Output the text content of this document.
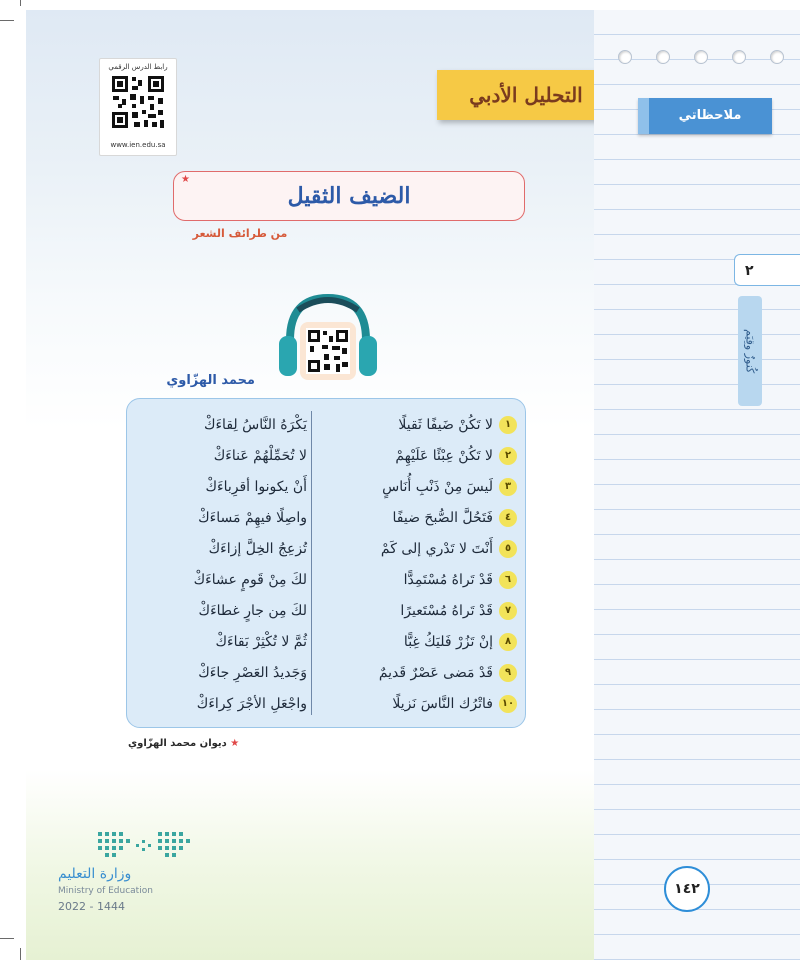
رابط الدرس الرقمي
www.ien.edu.sa
التحليل الأدبي
الضيف الثقيل
★
من طرائف الشعر
محمد الهزّاوي
١
لا تَكُنْ ضَيفًا ثَقيلًا
يَكْرَهُ النَّاسُ لِقاءَكْ
٢
لا تَكُنْ عِبْئًا عَلَيْهِمْ
لا تُحَمِّلْهُمْ عَناءَكْ
٣
لَيسَ مِنْ ذَنْبِ أُنَاسٍ
أَنْ يكونوا أقرِباءَكْ
٤
فَتَحُلَّ الصُّبحَ ضيفًا
واصِلًا فيهِمْ مَساءَكْ
٥
أَنْتَ لا تَدْري إلى كَمْ
تُزعِجُ الخِلَّ إزاءَكْ
٦
قَدْ تَراهُ مُسْتَمِدًّا
لكَ مِنْ قَومٍ عشاءَكْ
٧
قَدْ تَراهُ مُسْتَعيرًا
لكَ مِن جارٍ غطاءَكْ
٨
إنْ تَزُرْ فَليَكُ غِبًّا
ثُمَّ لا تُكْثِرْ بَقاءَكْ
٩
قَدْ مَضى عَصْرٌ قَديمٌ
وَجَديدُ العَصْرِ جاءَكْ
١٠
فاتْرُك النَّاسَ نَزيلًا
واجْعَلِ الأجْرَ كِراءَكْ
★ ديوان محمد الهزّاوي
وزارة التعليم
Ministry of Education
2022 - 1444
ملاحظاتي
٢
كُنوزٌ وقِيَم
١٤٢
